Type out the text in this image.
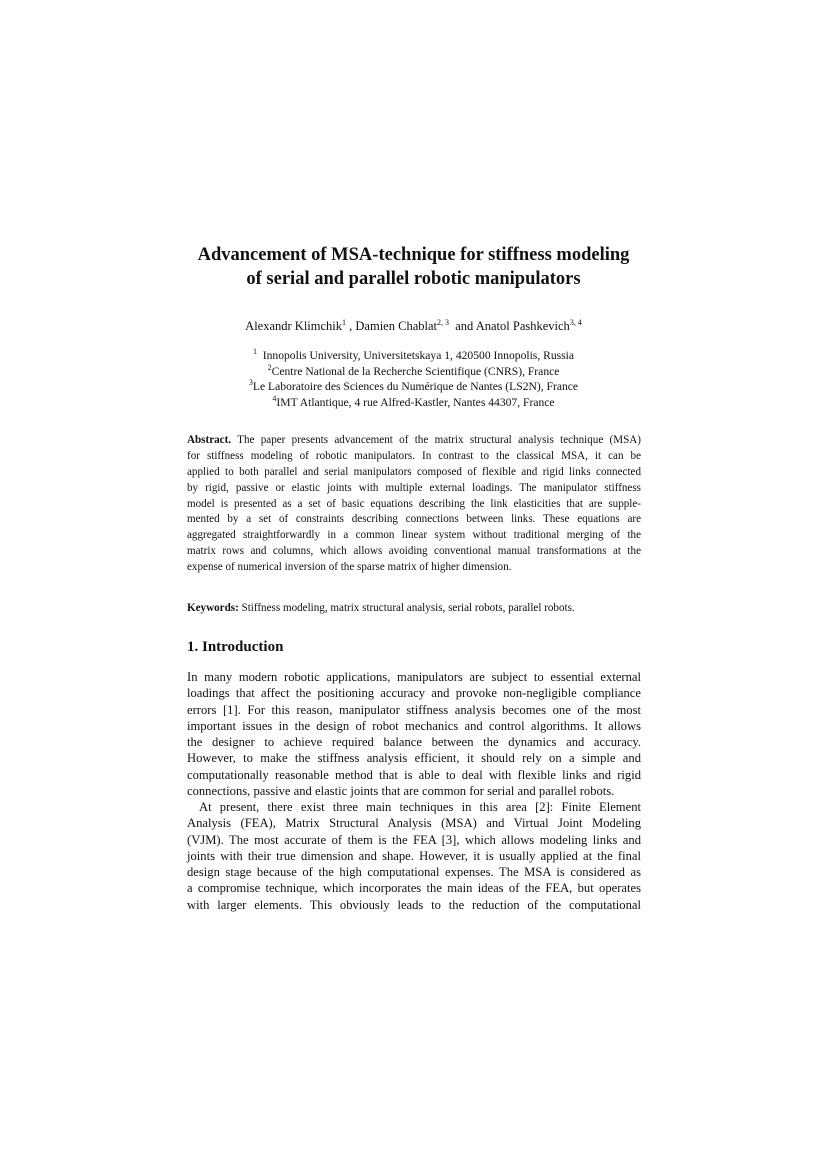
Advancement of MSA-technique for stiffness modeling
of serial and parallel robotic manipulators
Alexandr Klimchik$^1$ , Damien Chablat$^{2, 3}$  and Anatol Pashkevich$^{3, 4}$
$^1$  Innopolis University, Universitetskaya 1, 420500 Innopolis, Russia
$^2$Centre National de la Recherche Scientifique (CNRS), France
$^3$Le Laboratoire des Sciences du Numérique de Nantes (LS2N), France
$^4$IMT Atlantique, 4 rue Alfred-Kastler, Nantes 44307, France
Abstract. The paper presents advancement of the matrix structural analysis technique (MSA)
for stiffness modeling of robotic manipulators. In contrast to the classical MSA, it can be
applied to both parallel and serial manipulators composed of flexible and rigid links connected
by rigid, passive or elastic joints with multiple external loadings. The manipulator stiffness
model is presented as a set of basic equations describing the link elasticities that are supple-
mented by a set of constraints describing connections between links. These equations are
aggregated straightforwardly in a common linear system without traditional merging of the
matrix rows and columns, which allows avoiding conventional manual transformations at the
expense of numerical inversion of the sparse matrix of higher dimension.
Keywords: Stiffness modeling, matrix structural analysis, serial robots, parallel robots.
1. Introduction
In many modern robotic applications, manipulators are subject to essential external
loadings that affect the positioning accuracy and provoke non-negligible compliance
errors [1]. For this reason, manipulator stiffness analysis becomes one of the most
important issues in the design of robot mechanics and control algorithms. It allows
the designer to achieve required balance between the dynamics and accuracy.
However, to make the stiffness analysis efficient, it should rely on a simple and
computationally reasonable method that is able to deal with flexible links and rigid
connections, passive and elastic joints that are common for serial and parallel robots.
At present, there exist three main techniques in this area [2]: Finite Element
Analysis (FEA), Matrix Structural Analysis (MSA) and Virtual Joint Modeling
(VJM). The most accurate of them is the FEA [3], which allows modeling links and
joints with their true dimension and shape. However, it is usually applied at the final
design stage because of the high computational expenses. The MSA is considered as
a compromise technique, which incorporates the main ideas of the FEA, but operates
with larger elements. This obviously leads to the reduction of the computational
